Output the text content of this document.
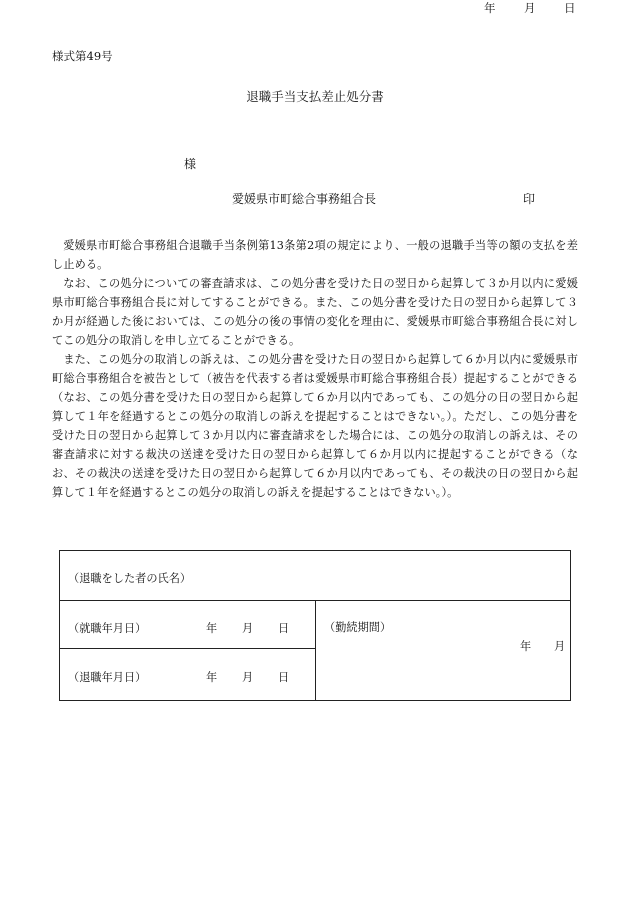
様式第49号
退職手当支払差止処分書
年 月 日
様
愛媛県市町総合事務組合長	印

愛媛県市町総合事務組合退職手当条例第13条第2項の規定により、一般の退職手当等の額の支払を差し止める。

なお、この処分についての審査請求は、この処分書を受けた日の翌日から起算して３か月以内に愛媛県市町総合事務組合長に対してすることができる。また、この処分書を受けた日の翌日から起算して３か月が経過した後においては、この処分の後の事情の変化を理由に、愛媛県市町総合事務組合長に対してこの処分の取消しを申し立てることができる。

また、この処分の取消しの訴えは、この処分書を受けた日の翌日から起算して６か月以内に愛媛県市町総合事務組合を被告として（被告を代表する者は愛媛県市町総合事務組合長）提起することができる（なお、この処分書を受けた日の翌日から起算して６か月以内であっても、この処分の日の翌日から起算して１年を経過するとこの処分の取消しの訴えを提起することはできない。）。ただし、この処分書を受けた日の翌日から起算して３か月以内に審査請求をした場合には、この処分の取消しの訴えは、その審査請求に対する裁決の送達を受けた日の翌日から起算して６か月以内に提起することができる（なお、その裁決の送達を受けた日の翌日から起算して６か月以内であっても、その裁決の日の翌日から起算して１年を経過するとこの処分の取消しの訴えを提起することはできない。）。

（退職をした者の氏名）
（就職年月日）	年 月 日
（退職年月日）	年 月 日
（勤続期間）
年 月
